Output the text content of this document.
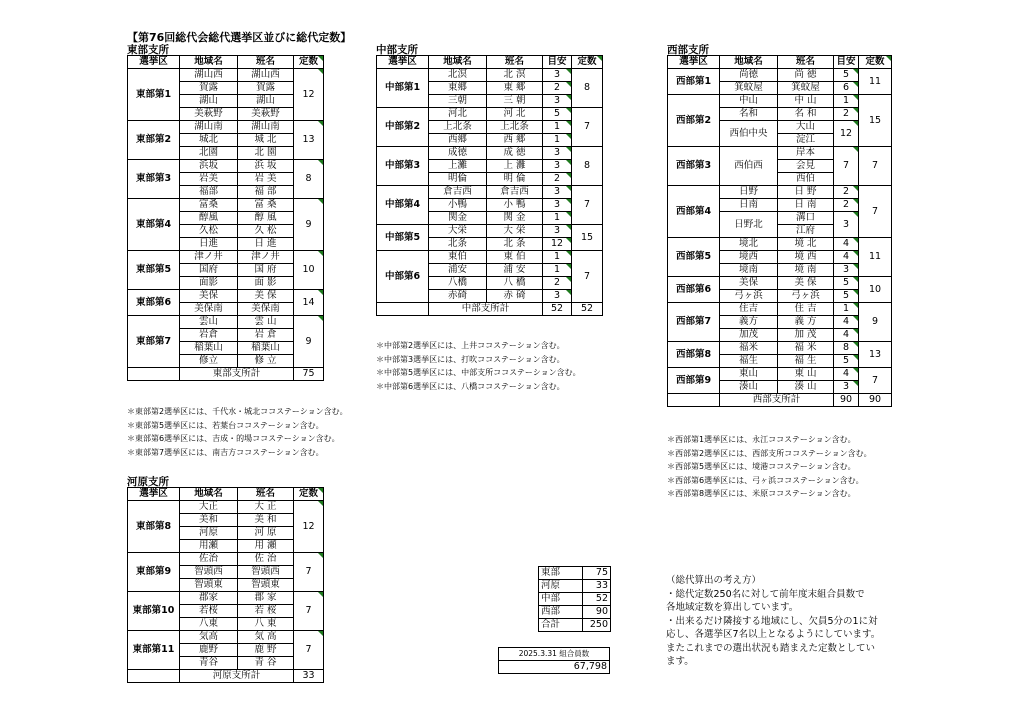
【第76回総代会総代選挙区並びに総代定数】
東部支所
選挙区	地域名	班名	定数

東部第1	湖山西	湖山西	12

	賀露	賀露	
	湖山	湖山	
	美萩野	美萩野	
東部第2	湖山南	湖山南	13

	城北	城 北	
	北園	北 園	
東部第3	浜坂	浜 坂	8

	岩美	岩 美	
	福部	福 部	
東部第4	富桑	富 桑	9

	醇風	醇 風	
	久松	久 松	
	日進	日 進	
東部第5	津ノ井	津ノ井	10

	国府	国 府	
	面影	面 影	
東部第6	美保	美 保	14

	美保南	美保南	
東部第7	雲山	雲 山	9

	岩倉	岩 倉	
	稲葉山	稲葉山	
	修立	修 立	
	東部支所計		75
＊東部第2選挙区には、千代水・城北ココステーション含む。
＊東部第5選挙区には、若葉台ココステーション含む。
＊東部第6選挙区には、吉成・的場ココステーション含む。
＊東部第7選挙区には、南吉方ココステーション含む。
中部支所
選挙区	地域名	班名	目安	定数

中部第1	北溟	北 溟	3	8
	東郷	東 郷	2	

	三朝	三 朝	3	

中部第2	河北	河 北	5	7
	上北条	上北条	1	

	西郷	西 郷	1	

中部第3	成徳	成 徳	3	8
	上灘	上 灘	3	

	明倫	明 倫	2	

中部第4	倉吉西	倉吉西	3	7
	小鴨	小 鴨	3	

	関金	関 金	1	

中部第5	大栄	大 栄	3	15
	北条	北 条	12	

中部第6	東伯	東 伯	1	7
	浦安	浦 安	1	

	八橋	八 橋	2	

	赤碕	赤 碕	3	

	中部支所計		52	52
＊中部第2選挙区には、上井ココステーション含む。
＊中部第3選挙区には、打吹ココステーション含む。
＊中部第5選挙区には、中部支所ココステーション含む。
＊中部第6選挙区には、八橋ココステーション含む。
西部支所
選挙区	地域名	班名	目安	定数

西部第1	尚徳	尚 徳	5	11
	箕蚊屋	箕蚊屋	6	

西部第2	中山	中 山	1	15
	名和	名 和	2	

	西伯中央	大山	12	

		淀江		
西部第3	西伯西	岸本	7	7
		会見		
		西伯		
西部第4	日野	日 野	2	7
	日南	日 南	2	

	日野北	溝口	3	

		江府		
西部第5	境北	境 北	4	11
	境西	境 西	4	

	境南	境 南	3	

西部第6	美保	美 保	5	10
	弓ヶ浜	弓ヶ浜	5	

西部第7	住吉	住 吉	1	9
	義方	義 方	4	

	加茂	加 茂	4	

西部第8	福米	福 米	8	13
	福生	福 生	5	

西部第9	東山	東 山	4	7
	湊山	湊 山	3	

	西部支所計		90	90
＊西部第1選挙区には、永江ココステーション含む。
＊西部第2選挙区には、西部支所ココステーション含む。
＊西部第5選挙区には、境港ココステーション含む。
＊西部第6選挙区には、弓ヶ浜ココステーション含む。
＊西部第8選挙区には、米原ココステーション含む。
河原支所
選挙区	地域名	班名	定数

東部第8	大正	大 正	12

	美和	美 和	
	河原	河 原	
	用瀬	用 瀬	
東部第9	佐治	佐 治	7

	智頭西	智頭西	
	智頭東	智頭東	
東部第10	郡家	郡 家	7

	若桜	若 桜	
	八東	八 東	
東部第11	気高	気 高	7

	鹿野	鹿 野	
	青谷	青 谷	
	河原支所計		33
東部	75
河原	33
中部	52
西部	90
合計	250
2025.3.31 組合員数
67,798
（総代算出の考え方）
・総代定数250名に対して前年度末組合員数で
各地域定数を算出しています。
・出来るだけ隣接する地域にし、欠員5分の1に対
応し、各選挙区7名以上となるようにしています。
またこれまでの選出状況も踏まえた定数としてい
ます。
